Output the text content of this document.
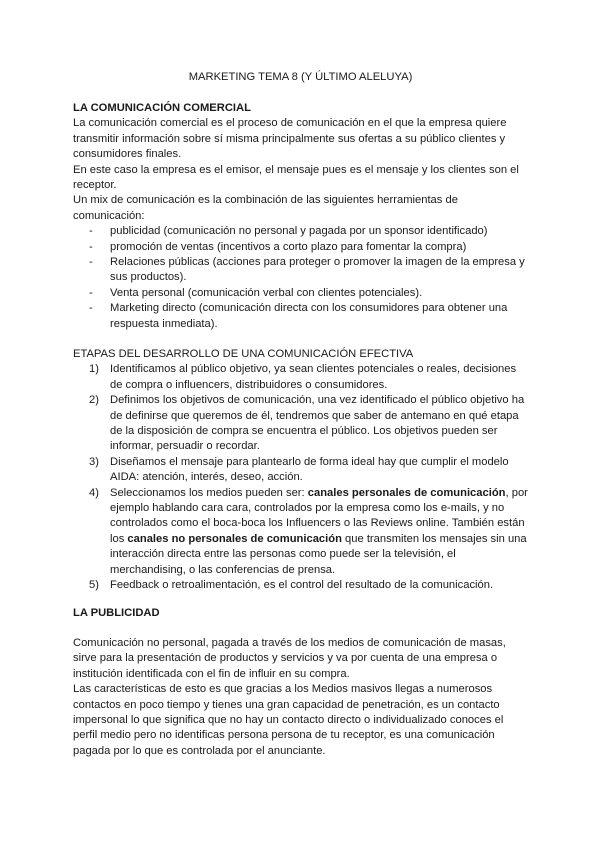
MARKETING TEMA 8 (Y ÚLTIMO ALELUYA)

LA COMUNICACIÓN COMERCIAL

La comunicación comercial es el proceso de comunicación en el que la empresa quiere transmitir información sobre sí misma principalmente sus ofertas a su público clientes y consumidores finales.

En este caso la empresa es el emisor, el mensaje pues es el mensaje y los clientes son el receptor.

Un mix de comunicación es la combinación de las siguientes herramientas de comunicación:

- publicidad (comunicación no personal y pagada por un sponsor identificado)
- promoción de ventas (incentivos a corto plazo para fomentar la compra)
- Relaciones públicas (acciones para proteger o promover la imagen de la empresa y sus productos).
- Venta personal (comunicación verbal con clientes potenciales).
- Marketing directo (comunicación directa con los consumidores para obtener una respuesta inmediata).

ETAPAS DEL DESARROLLO DE UNA COMUNICACIÓN EFECTIVA

1) Identificamos al público objetivo, ya sean clientes potenciales o reales, decisiones de compra o influencers, distribuidores o consumidores.
2) Definimos los objetivos de comunicación, una vez identificado el público objetivo ha de definirse que queremos de él, tendremos que saber de antemano en qué etapa de la disposición de compra se encuentra el público. Los objetivos pueden ser informar, persuadir o recordar.
3) Diseñamos el mensaje para plantearlo de forma ideal hay que cumplir el modelo AIDA: atención, interés, deseo, acción.
4) Seleccionamos los medios pueden ser: canales personales de comunicación, por ejemplo hablando cara cara, controlados por la empresa como los e-mails, y no controlados como el boca-boca los Influencers o las Reviews online. También están los canales no personales de comunicación que transmiten los mensajes sin una interacción directa entre las personas como puede ser la televisión, el merchandising, o las conferencias de prensa.
5) Feedback o retroalimentación, es el control del resultado de la comunicación.

LA PUBLICIDAD

Comunicación no personal, pagada a través de los medios de comunicación de masas, sirve para la presentación de productos y servicios y va por cuenta de una empresa o institución identificada con el fin de influir en su compra.

Las características de esto es que gracias a los Medios masivos llegas a numerosos contactos en poco tiempo y tienes una gran capacidad de penetración, es un contacto impersonal lo que significa que no hay un contacto directo o individualizado conoces el perfil medio pero no identificas persona persona de tu receptor, es una comunicación pagada por lo que es controlada por el anunciante.
